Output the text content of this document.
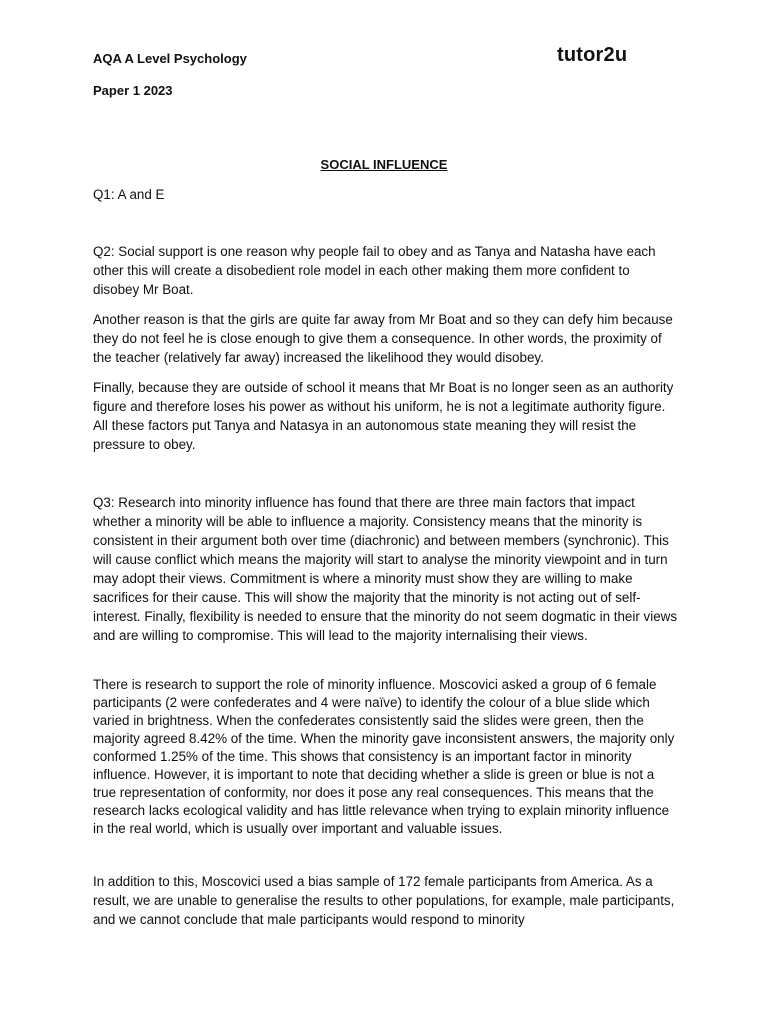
AQA A Level Psychology
Paper 1 2023
tutor2u
SOCIAL INFLUENCE

Q1: A and E

Q2: Social support is one reason why people fail to obey and as Tanya and Natasha have each other this will create a disobedient role model in each other making them more confident to disobey Mr Boat.

Another reason is that the girls are quite far away from Mr Boat and so they can defy him because they do not feel he is close enough to give them a consequence. In other words, the proximity of the teacher (relatively far away) increased the likelihood they would disobey.

Finally, because they are outside of school it means that Mr Boat is no longer seen as an authority figure and therefore loses his power as without his uniform, he is not a legitimate authority figure. All these factors put Tanya and Natasya in an autonomous state meaning they will resist the pressure to obey.

Q3: Research into minority influence has found that there are three main factors that impact whether a minority will be able to influence a majority. Consistency means that the minority is consistent in their argument both over time (diachronic) and between members (synchronic). This will cause conflict which means the majority will start to analyse the minority viewpoint and in turn may adopt their views. Commitment is where a minority must show they are willing to make sacrifices for their cause. This will show the majority that the minority is not acting out of self-interest. Finally, flexibility is needed to ensure that the minority do not seem dogmatic in their views and are willing to compromise. This will lead to the majority internalising their views.

There is research to support the role of minority influence. Moscovici asked a group of 6 female participants (2 were confederates and 4 were naïve) to identify the colour of a blue slide which varied in brightness. When the confederates consistently said the slides were green, then the majority agreed 8.42% of the time. When the minority gave inconsistent answers, the majority only conformed 1.25% of the time. This shows that consistency is an important factor in minority influence. However, it is important to note that deciding whether a slide is green or blue is not a true representation of conformity, nor does it pose any real consequences. This means that the research lacks ecological validity and has little relevance when trying to explain minority influence in the real world, which is usually over important and valuable issues.

In addition to this, Moscovici used a bias sample of 172 female participants from America. As a result, we are unable to generalise the results to other populations, for example, male participants, and we cannot conclude that male participants would respond to minority
